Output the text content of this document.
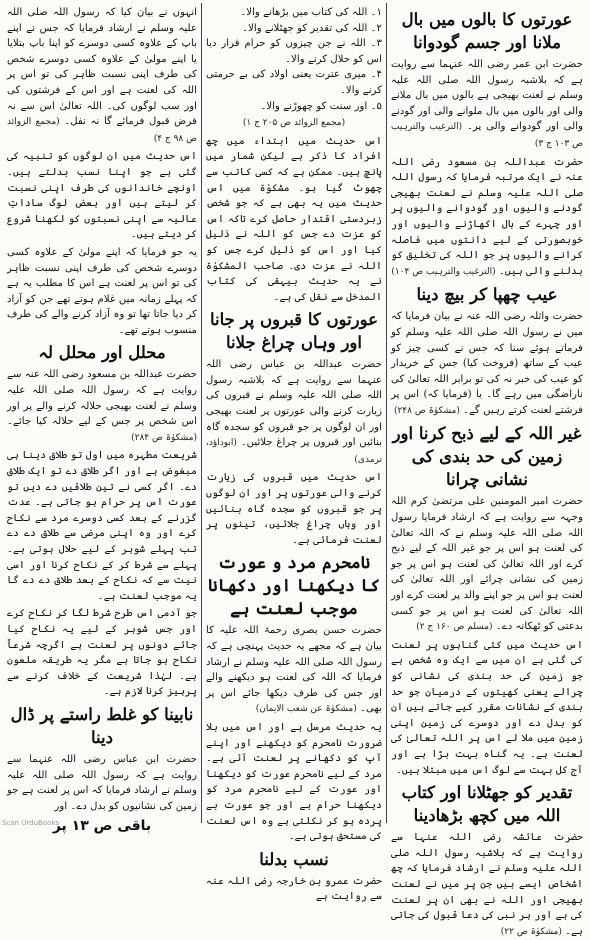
عورتوں کا بالوں میں بال ملانا اور جسم گودوانا

حضرت ابن عمر رضی اللہ عنہما سے روایت ہے کہ بلاشبہ رسول اللہ صلی اللہ علیہ وسلم نے لعنت بھیجی ہے بالوں میں بال ملانے والی اور بالوں میں بال ملوانے والی اور گودنے والی اور گودوانے والی پر۔ (الترغیب والترہیب ص ۱۰۳ ج ۳)

حضرت عبداللہ بن مسعود رضی اللہ عنہ نے ایک مرتبہ فرمایا کہ رسول اللہ صلی اللہ علیہ وسلم نے لعنت بھیجی گودنے والیوں اور گودوانے والیوں پر اور چہرے کے بال اکھاڑنے والیوں اور خوبصورتی کے لیے دانتوں میں فاصلہ کرانے والیوں پر جو اللہ کی تخلیق کو بدلنے والی ہیں۔ (الترغیب والترہیب ص ۱۰۴)

عیب چھپا کر بیچ دینا

حضرت واثلہ رضی اللہ عنہ نے بیان فرمایا کہ میں نے رسول اللہ صلی اللہ علیہ وسلم کو فرماتے ہوئے سنا کہ جس نے کسی چیز کو عیب کے ساتھ (فروخت کیا) جس کے خریدار کو عیب کی خبر نہ کی تو برابر اللہ تعالیٰ کی ناراضگی میں رہے گا۔ یا (فرمایا کہ) اس پر فرشتے لعنت کرتے رہیں گے۔ (مشکوٰۃ ص ۲۴۸)

غیر اللہ کے لیے ذبح کرنا اور زمین کی حد بندی کی نشانی چرانا

حضرت امیر المومنین علی مرتضیٰ کرم اللہ وجہہ سے روایت ہے کہ ارشاد فرمایا رسول اللہ صلی اللہ علیہ وسلم نے کہ اللہ تعالیٰ کی لعنت ہو اس پر جو غیر اللہ کے لیے ذبح کرے اور اللہ تعالیٰ کی لعنت ہو اس پر جو زمین کی نشانی چرائے اور اللہ تعالیٰ کی لعنت ہو اس پر جو اپنے والد پر لعنت کرے اور اللہ تعالیٰ کی لعنت ہو اس پر جو کسی بدعتی کو ٹھکانہ دے۔ (مسلم ص ۱۶۰ ج ۲)

اس حدیث میں کئی گناہوں پر لعنت کی گئی ہے ان میں سے ایک وہ شخص ہے جو زمین کی حد بندی کی نشانی کو چرالے یعنی کھیتوں کے درمیان جو حد بندی کے نشانات مقرر کیے جاتے ہیں ان کو بدل دے اور دوسرے کی زمین اپنی زمین میں ملا لے اس پر اللہ تعالیٰ کی لعنت ہے۔ یہ گناہ بہت بڑا ہے اور آج کل بہت سے لوگ اس میں مبتلا ہیں۔

تقدیر کو جھٹلانا اور کتاب اللہ میں کچھ بڑھادینا

حضرت عائشہ رضی اللہ عنہا سے روایت ہے کہ بلاشبہ رسول اللہ صلی اللہ علیہ وسلم نے ارشاد فرمایا کہ چھ اشخاص ایسے ہیں جن پر میں نے لعنت بھیجی اور اللہ نے بھی ان پر لعنت کی ہے اور ہر نبی کی دعا قبول کی جاتی ہے۔ (مشکوٰۃ ص ۲۲)

۱۔ اللہ کی کتاب میں بڑھانے والا۔
۲۔ اللہ کی تقدیر کو جھٹلانے والا۔
۳۔ اللہ نے جن چیزوں کو حرام قرار دیا اس کو حلال کرنے والا۔
۴۔ میری عترت یعنی اولاد کی بے حرمتی کرنے والا۔
۵۔ اور سنت کو چھوڑنے والا۔

(مجمع الزوائد ص ۲۰۵ ج ۱)

اس حدیث میں ابتداء میں چھ افراد کا ذکر ہے لیکن شمار میں پانچ ہیں۔ ممکن ہے کہ کسی کاتب سے چھوٹ گیا ہو۔ مشکوٰۃ میں اس حدیث میں یہ بھی ہے کہ جو شخص زبردستی اقتدار حاصل کرے تاکہ اس کو عزت دے جس کو اللہ نے ذلیل کیا اور اس کو ذلیل کرے جس کو اللہ نے عزت دی۔ صاحب المشکوٰۃ نے یہ حدیث بیہقی کی کتاب المدخل سے نقل کی ہے۔

عورتوں کا قبروں پر جانا اور وہاں چراغ جلانا

حضرت عبداللہ بن عباس رضی اللہ عنہما سے روایت ہے کہ بلاشبہ رسول اللہ صلی اللہ علیہ وسلم نے قبروں کی زیارت کرنے والی عورتوں پر لعنت بھیجی اور ان لوگوں پر جو قبروں کو سجدہ گاہ بنائیں اور قبروں پر چراغ جلائیں۔ (ابوداؤد، ترمذی)

اس حدیث میں قبروں کی زیارت کرنے والی عورتوں پر اور ان لوگوں پر جو قبروں کو سجدہ گاہ بنائیں اور وہاں چراغ جلائیں، تینوں پر لعنت فرمائی ہے۔

نامحرم مرد و عورت کا دیکھنا اور دکھانا موجب لعنت ہے

حضرت حسن بصری رحمۃ اللہ علیہ کا بیان ہے کہ مجھے یہ حدیث پہنچی ہے کہ رسول اللہ صلی اللہ علیہ وسلم نے ارشاد فرمایا کہ اللہ کی لعنت ہو دیکھنے والے اور جس کی طرف دیکھا جائے اس پر بھی۔ (مشکوٰۃ عن شعب الایمان)

یہ حدیث مرسل ہے اور اس میں بلا ضرورت نامحرم کو دیکھنے اور اپنے آپ کو دکھانے پر لعنت آئی ہے۔ مرد کے لیے نامحرم عورت کو دیکھنا اور عورت کے لیے نامحرم مرد کو دیکھنا حرام ہے اور جو عورت بے پردہ ہو کر نکلتی ہے وہ اس لعنت کی مستحق ہوتی ہے۔

نسب بدلنا

حضرت عمرو بن خارجہ رضی اللہ عنہ سے روایت ہے

انہوں نے بیان کیا کہ رسول اللہ صلی اللہ علیہ وسلم نے ارشاد فرمایا کہ جس نے اپنے باپ کے علاوہ کسی دوسرے کو اپنا باپ بتلایا یا اپنے مولیٰ کے علاوہ کسی دوسرے شخص کی طرف اپنی نسبت ظاہر کی تو اس پر اللہ کی لعنت ہے اور اس کے فرشتوں کی اور سب لوگوں کی۔ اللہ تعالیٰ اس سے نہ فرض قبول فرمائے گا نہ نفل۔ (مجمع الزوائد ص ۹۸ ج ۴)

اس حدیث میں ان لوگوں کو تنبیہ کی گئی ہے جو اپنا نسب بدلتے ہیں۔ اونچے خاندانوں کی طرف اپنی نسبت کر لیتے ہیں اور بعض لوگ ساداتِ عالیہ سے اپنی نسبتوں کو لکھنا شروع کر دیتے ہیں۔

یہ جو فرمایا کہ اپنے مولیٰ کے علاوہ کسی دوسرے شخص کی طرف اپنی نسبت ظاہر کی تو اس پر لعنت ہے اس کا مطلب یہ ہے کہ پہلے زمانہ میں غلام ہوتے تھے جن کو آزاد کر دیا جاتا تھا تو وہ آزاد کرنے والے کی طرف منسوب ہوتے تھے۔

محلل اور محلل لہ

حضرت عبداللہ بن مسعود رضی اللہ عنہ سے روایت ہے کہ رسول اللہ صلی اللہ علیہ وسلم نے لعنت بھیجی حلالہ کرنے والے پر اور اس شخص پر جس کے لیے حلالہ کیا جائے۔ (مشکوٰۃ ص ۲۸۴)

شریعت مطہرہ میں اول تو طلاق دینا ہی مبغوض ہے اور اگر طلاق دے تو ایک طلاق دے۔ اگر کسی نے تین طلاقیں دے دیں تو عورت اس پر حرام ہو جاتی ہے۔ عدت گزرنے کے بعد کسی دوسرے مرد سے نکاح کرے اور وہ اپنی مرضی سے طلاق دے دے تب پہلے شوہر کے لیے حلال ہوتی ہے۔ پہلے سے شرط کر کے نکاح کرنا اور اسی نیت سے کہ نکاح کے بعد طلاق دے دے گا یہ موجب لعنت ہے۔

جو آدمی اس طرح شرط لگا کر نکاح کرے اور جس شوہر کے لیے یہ نکاح کیا جائے دونوں پر لعنت ہے اگرچہ شرعاً نکاح ہو جاتا ہے مگر یہ طریقہ ملعون ہے۔ لہٰذا شریعت کے خلاف کرنے سے پرہیز کرنا لازم ہے۔

نابینا کو غلط راستے پر ڈال دینا

حضرت ابن عباس رضی اللہ عنہما سے روایت ہے کہ رسول اللہ صلی اللہ علیہ وسلم نے ارشاد فرمایا کہ اس پر لعنت ہے جو زمین کی نشانیوں کو بدل دے۔ اور

باقی ص ۱۳ پر
Scan UrduBooks
